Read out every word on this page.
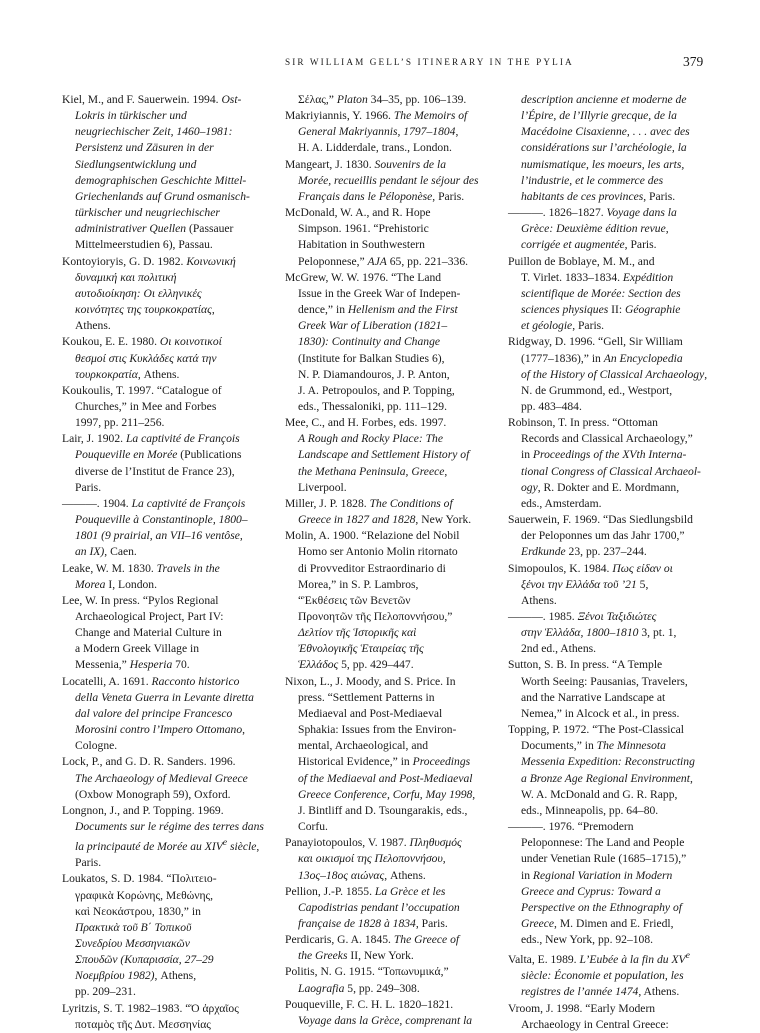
SIR WILLIAM GELL’S ITINERARY IN THE PYLIA	379
Kiel, M., and F. Sauerwein. 1994. Ost-
Lokris in türkischer und
neugriechischer Zeit, 1460–1981:
Persistenz und Zäsuren in der
Siedlungsentwicklung und
demographischen Geschichte Mittel-
Griechenlands auf Grund osmanisch-
türkischer und neugriechischer
administrativer Quellen (Passauer
Mittelmeerstudien 6), Passau.
Kontoyioryis, G. D. 1982. Κοινωνική
δυναμική και πολιτική
αυτοδιοίκηση: Οι ελληνικές
κοινότητες της τουρκοκρατίας,
Athens.
Koukou, E. E. 1980. Οι κοινοτικοί
θεσμοί στις Κυκλάδες κατά την
τουρκοκρατία, Athens.
Koukoulis, T. 1997. “Catalogue of
Churches,” in Mee and Forbes
1997, pp. 211–256.
Lair, J. 1902. La captivité de François
Pouqueville en Morée (Publications
diverse de l’Institut de France 23),
Paris.
———. 1904. La captivité de François
Pouqueville à Constantinople, 1800–
1801 (9 prairial, an VII–16 ventôse,
an IX), Caen.
Leake, W. M. 1830. Travels in the
Morea I, London.
Lee, W. In press. “Pylos Regional
Archaeological Project, Part IV:
Change and Material Culture in
a Modern Greek Village in
Messenia,” Hesperia 70.
Locatelli, A. 1691. Racconto historico
della Veneta Guerra in Levante diretta
dal valore del principe Francesco
Morosini contro l’Impero Ottomano,
Cologne.
Lock, P., and G. D. R. Sanders. 1996.
The Archaeology of Medieval Greece
(Oxbow Monograph 59), Oxford.
Longnon, J., and P. Topping. 1969.
Documents sur le régime des terres dans
la principauté de Morée au XIVe siècle,
Paris.
Loukatos, S. D. 1984. “Πολιτειο-
γραφικὰ Κορώνης, Μεθώνης,
καὶ Νεοκάστρου, 1830,” in
Πρακτικὰ τοῦ Β΄ Τοπικοῦ
Συνεδρίου Μεσσηνιακῶν
Σπουδῶν (Κυπαρισσία, 27–29
Νοεμβρίου 1982), Athens,
pp. 209–231.
Lyritzis, S. T. 1982–1983. “Ὁ ἀρχαῖος
ποταμὸς τῆς Δυτ. Μεσσηνίας
Σέλας,” Platon 34–35, pp. 106–139.
Makriyiannis, Y. 1966. The Memoirs of
General Makriyannis, 1797–1804,
H. A. Lidderdale, trans., London.
Mangeart, J. 1830. Souvenirs de la
Morée, recueillis pendant le séjour des
Français dans le Péloponèse, Paris.
McDonald, W. A., and R. Hope
Simpson. 1961. “Prehistoric
Habitation in Southwestern
Peloponnese,” AJA 65, pp. 221–336.
McGrew, W. W. 1976. “The Land
Issue in the Greek War of Indepen-
dence,” in Hellenism and the First
Greek War of Liberation (1821–
1830): Continuity and Change
(Institute for Balkan Studies 6),
N. P. Diamandouros, J. P. Anton,
J. A. Petropoulos, and P. Topping,
eds., Thessaloniki, pp. 111–129.
Mee, C., and H. Forbes, eds. 1997.
A Rough and Rocky Place: The
Landscape and Settlement History of
the Methana Peninsula, Greece,
Liverpool.
Miller, J. P. 1828. The Conditions of
Greece in 1827 and 1828, New York.
Molin, A. 1900. “Relazione del Nobil
Homo ser Antonio Molin ritornato
di Provveditor Estraordinario di
Morea,” in S. P. Lambros,
“Ἐκθέσεις τῶν Βενετῶν
Προνοητῶν τῆς Πελοποννήσου,”
Δελτίον τῆς Ἱστορικῆς καὶ
Ἐθνολογικῆς Ἑταιρείας τῆς
Ἑλλάδος 5, pp. 429–447.
Nixon, L., J. Moody, and S. Price. In
press. “Settlement Patterns in
Mediaeval and Post-Mediaeval
Sphakia: Issues from the Environ-
mental, Archaeological, and
Historical Evidence,” in Proceedings
of the Mediaeval and Post-Mediaeval
Greece Conference, Corfu, May 1998,
J. Bintliff and D. Tsoungarakis, eds.,
Corfu.
Panayiotopoulos, V. 1987. Πληθυσμός
και οικισμοί της Πελοποννήσου,
13ος–18ος αιώνας, Athens.
Pellion, J.-P. 1855. La Grèce et les
Capodistrias pendant l’occupation
française de 1828 à 1834, Paris.
Perdicaris, G. A. 1845. The Greece of
the Greeks II, New York.
Politis, N. G. 1915. “Τοπωνυμικά,”
Laografia 5, pp. 249–308.
Pouqueville, F. C. H. L. 1820–1821.
Voyage dans la Grèce, comprenant la
description ancienne et moderne de
l’Épire, de l’Illyrie grecque, de la
Macédoine Cisaxienne, . . . avec des
considérations sur l’archéologie, la
numismatique, les moeurs, les arts,
l’industrie, et le commerce des
habitants de ces provinces, Paris.
———. 1826–1827. Voyage dans la
Grèce: Deuxième édition revue,
corrigée et augmentée, Paris.
Puillon de Boblaye, M. M., and
T. Virlet. 1833–1834. Expédition
scientifique de Morée: Section des
sciences physiques II: Géographie
et géologie, Paris.
Ridgway, D. 1996. “Gell, Sir William
(1777–1836),” in An Encyclopedia
of the History of Classical Archaeology,
N. de Grummond, ed., Westport,
pp. 483–484.
Robinson, T. In press. “Ottoman
Records and Classical Archaeology,”
in Proceedings of the XVth Interna-
tional Congress of Classical Archaeol-
ogy, R. Dokter and E. Mordmann,
eds., Amsterdam.
Sauerwein, F. 1969. “Das Siedlungsbild
der Peloponnes um das Jahr 1700,”
Erdkunde 23, pp. 237–244.
Simopoulos, K. 1984. Πως είδαν οι
ξένοι την Ελλάδα τοῦ ’21 5,
Athens.
———. 1985. Ξένοι Ταξιδιώτες
στην Ἑλλάδα, 1800–1810 3, pt. 1,
2nd ed., Athens.
Sutton, S. B. In press. “A Temple
Worth Seeing: Pausanias, Travelers,
and the Narrative Landscape at
Nemea,” in Alcock et al., in press.
Topping, P. 1972. “The Post-Classical
Documents,” in The Minnesota
Messenia Expedition: Reconstructing
a Bronze Age Regional Environment,
W. A. McDonald and G. R. Rapp,
eds., Minneapolis, pp. 64–80.
———. 1976. “Premodern
Peloponnese: The Land and People
under Venetian Rule (1685–1715),”
in Regional Variation in Modern
Greece and Cyprus: Toward a
Perspective on the Ethnography of
Greece, M. Dimen and E. Friedl,
eds., New York, pp. 92–108.
Valta, E. 1989. L’Eubée à la fin du XVe
siècle: Économie et population, les
registres de l’année 1474, Athens.
Vroom, J. 1998. “Early Modern
Archaeology in Central Greece:
